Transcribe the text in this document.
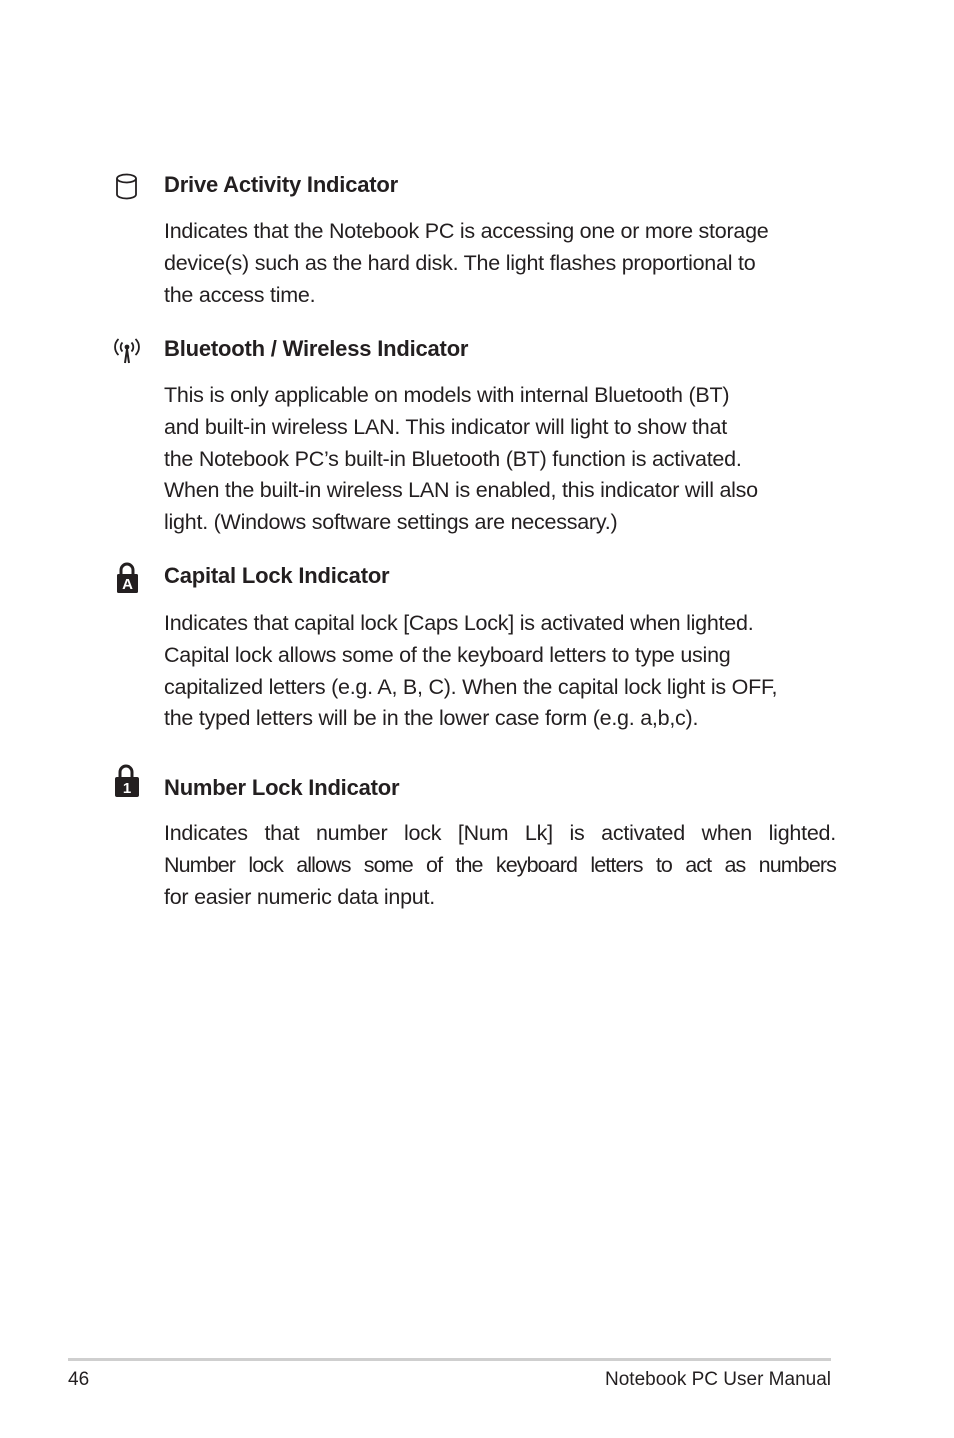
Drive Activity Indicator

Indicates that the Notebook PC is accessing one or more storage
device(s) such as the hard disk. The light flashes proportional to
the access time.

Bluetooth / Wireless Indicator

This is only applicable on models with internal Bluetooth (BT)
and built-in wireless LAN. This indicator will light to show that
the Notebook PC’s built-in Bluetooth (BT) function is activated.
When the built-in wireless LAN is enabled, this indicator will also
light. (Windows software settings are necessary.)

A Capital Lock Indicator

Indicates that capital lock [Caps Lock] is activated when lighted.
Capital lock allows some of the keyboard letters to type using
capitalized letters (e.g. A, B, C). When the capital lock light is OFF,
the typed letters will be in the lower case form (e.g. a,b,c).

1 Number Lock Indicator

Indicates that number lock [Num Lk] is activated when lighted.
Number lock allows some of the keyboard letters to act as numbers
for easier numeric data input.

46	Notebook PC User Manual
